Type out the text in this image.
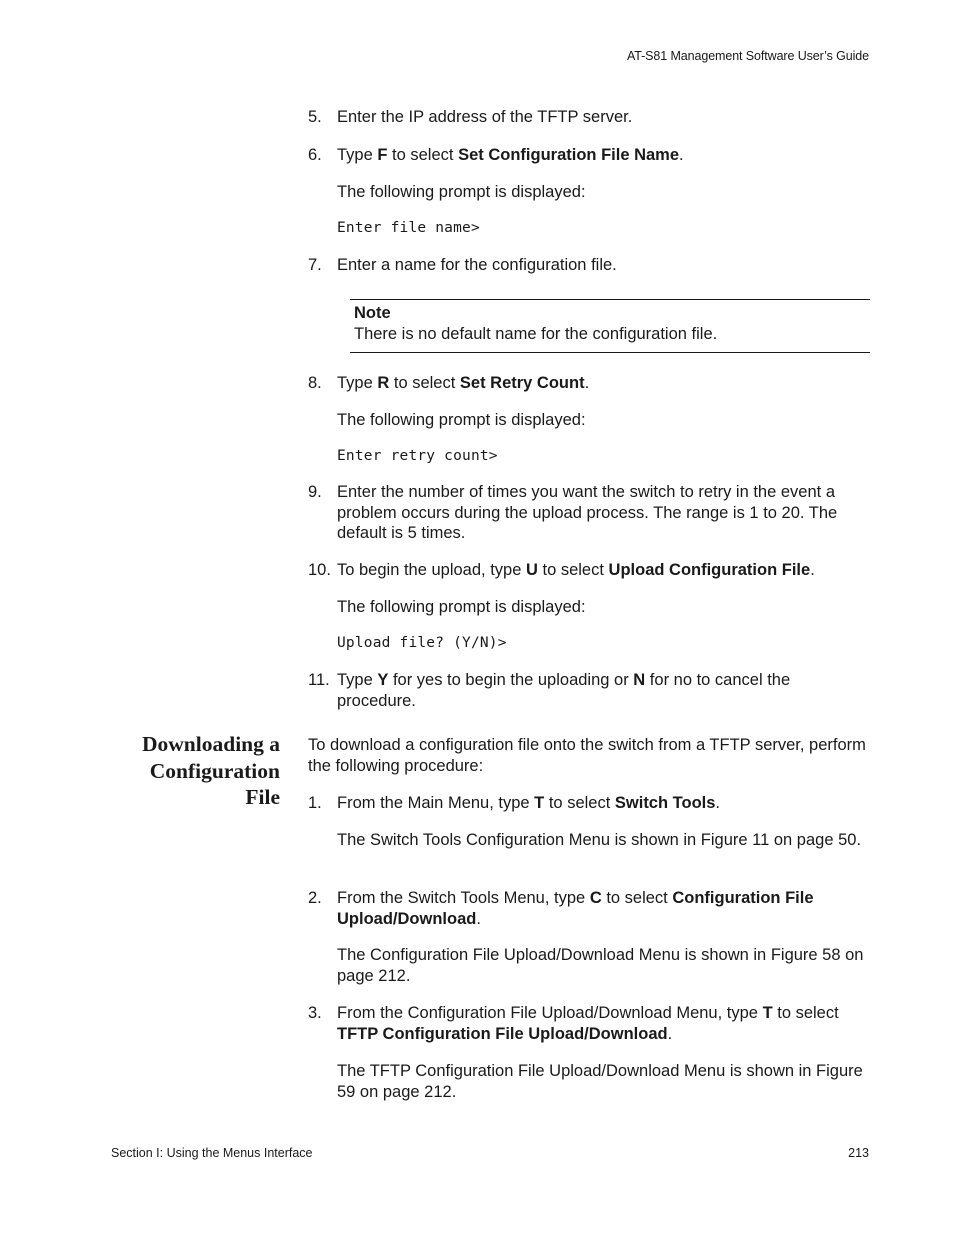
AT-S81 Management Software User’s Guide
5. Enter the IP address of the TFTP server.
6. Type F to select Set Configuration File Name.
The following prompt is displayed:
Enter file name>
7. Enter a name for the configuration file.
Note
There is no default name for the configuration file.
8. Type R to select Set Retry Count.
The following prompt is displayed:
Enter retry count>
9. Enter the number of times you want the switch to retry in the event a problem occurs during the upload process. The range is 1 to 20. The default is 5 times.
10. To begin the upload, type U to select Upload Configuration File.
The following prompt is displayed:
Upload file? (Y/N)>
11. Type Y for yes to begin the uploading or N for no to cancel the procedure.
Downloading a
Configuration
File
To download a configuration file onto the switch from a TFTP server, perform the following procedure:
1. From the Main Menu, type T to select Switch Tools.
The Switch Tools Configuration Menu is shown in Figure 11 on page 50.
2. From the Switch Tools Menu, type C to select Configuration File Upload/Download.
The Configuration File Upload/Download Menu is shown in Figure 58 on page 212.
3. From the Configuration File Upload/Download Menu, type T to select TFTP Configuration File Upload/Download.
The TFTP Configuration File Upload/Download Menu is shown in Figure 59 on page 212.
Section I: Using the Menus Interface	213
